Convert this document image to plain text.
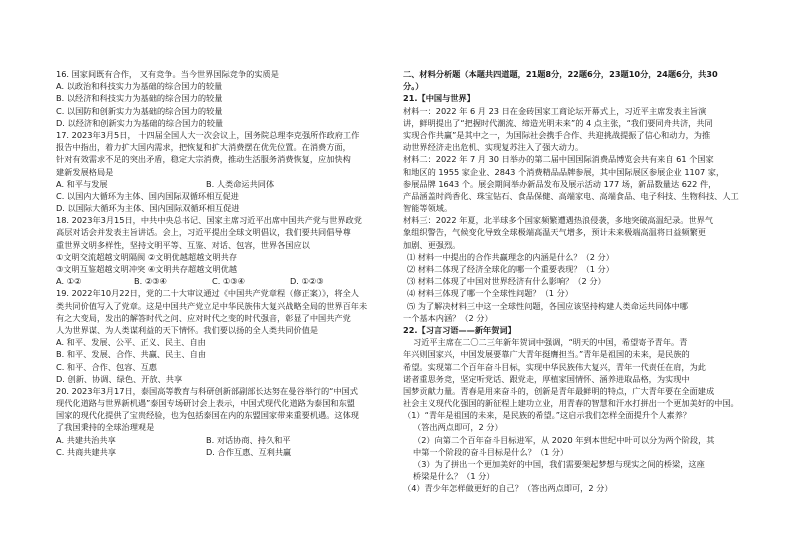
16. 国家间既有合作， 又有竞争。当今世界国际竞争的实质是
A. 以政治和科技实力为基础的综合国力的较量
B. 以经济和科技实力为基础的综合国力的较量
C. 以国防和创新实力为基础的综合国力的较量
D. 以经济和创新实力为基础的综合国力的较量
17. 2023年3月5日， 十四届全国人大一次会议上，国务院总理李克强所作政府工作
报告中指出，着力扩大国内需求，把恢复和扩大消费摆在优先位置。在消费方面，
针对有效需求不足的突出矛盾，稳定大宗消费，推动生活服务消费恢复，应加快构
建新发展格局是
A. 和平与发展	B. 人类命运共同体
C. 以国内大循环为主体、国内国际双循环相互促进
D. 以国际大循环为主体、国内国际双循环相互促进
18. 2023年3月15日，中共中央总书记、国家主席习近平出席中国共产党与世界政党
高层对话会并发表主旨讲话。会上，习近平提出全球文明倡议，我们要共同倡导尊
重世界文明多样性，坚持文明平等、互鉴、对话、包容，世界各国应以
①文明交流超越文明隔阂 ②文明优越超越文明共存
③文明互鉴超越文明冲突 ④文明共存超越文明优越
A. ①②	B. ②③④	C. ①③④	D. ①②③
19. 2022年10月22日，党的二十大审议通过《中国共产党章程（修正案）》，将全人
类共同价值写入了党章。这是中国共产党立足中华民族伟大复兴战略全局的世界百年未
有之大变局，发出的解答时代之问、应对时代之变的时代强音，彰显了中国共产党
人为世界谋、为人类谋利益的天下情怀。我们要以扬的全人类共同价值是
A. 和平、发展、公平、正义、民主、自由
B. 和平、发展、合作、共赢、民主、自由
C. 和平、合作、包容、互惠
D. 创新、协调、绿色、开放、共享
20. 2023年3月17日，泰国高等教育与科研创新部副部长达努在曼谷举行的“中国式
现代化道路与世界新机遇”泰国专场研讨会上表示，中国式现代化道路为泰国和东盟
国家的现代化提供了宝贵经验，也为包括泰国在内的东盟国家带来重要机遇。这体现
了我国秉持的全球治理观是
A. 共建共治共享	B. 对话协商、持久和平
C. 共商共建共享	D. 合作互惠、互利共赢
二、材料分析题（本题共四道题，21题8分，22题6分，23题10分，24题6分，共30
分。）
21.【中国与世界】
材料一：2022 年 6 月 23 日在金砖国家工商论坛开幕式上，习近平主席发表主旨演
讲，鲜明提出了“把握时代潮流、缔造光明未来”的 4 点主张，“我们要同舟共济，共同
实现合作共赢”是其中之一，为国际社会携手合作、共迎挑战提振了信心和动力，为推
动世界经济走出危机、实现复苏注入了强大动力。
材料二：2022 年 7 月 30 日举办的第二届中国国际消费品博览会共有来自 61 个国家
和地区的 1955 家企业、2843 个消费精品品牌参展，其中国际展区参展企业 1107 家，
参展品牌 1643 个。展会期间举办新品发布及展示活动 177 场，新品数量达 622 件，
产品涵盖时尚香化、珠宝钻石、食品保健、高端家电、高端食品、电子科技、生物科技、人工
智能等领域。
材料三：2022 年夏，北半球多个国家频繁遭遇热浪侵袭，多地突破高温纪录。世界气
象组织警告，气候变化导致全球极端高温天气增多，预计未来极端高温将日益频繁更
加剧、更强烈。
⑴ 材料一中提出的合作共赢理念的内涵是什么？（2 分）
⑵ 材料二体现了经济全球化的哪一个重要表现？（1 分）
⑶ 材料二体现了中国对世界经济有什么影响？（2 分）
⑷ 材料三体现了哪一个全球性问题？（1 分）
⑸ 为了解决材料三中这一全球性问题，各国应该坚持构建人类命运共同体中哪
一个基本内涵？（2 分）
22.【习言习语——新年贺词】
习近平主席在二〇二三年新年贺词中强调，“明天的中国，希望寄予青年。青
年兴则国家兴，中国发展要靠广大青年挺膺担当。”青年是祖国的未来，是民族的
希望。实现第二个百年奋斗目标，实现中华民族伟大复兴，青年一代责任在肩，为此
诺者重思务竞，坚定听党话、跟党走，厚植家国情怀、涵养进取品格，为实现中
国梦贡献力量。青春是用来奋斗的，创新是青年最鲜明的特点，广大青年要在全面建成
社会主义现代化强国的新征程上建功立业，用青春的智慧和汗水打拼出一个更加美好的中国。
（1）“青年是祖国的未来，是民族的希望。”这启示我们怎样全面提升个人素养？
（答出两点即可，2 分）
（2）向第二个百年奋斗目标进军，从 2020 年到本世纪中叶可以分为两个阶段，其
中第一个阶段的奋斗目标是什么？（1 分）
（3）为了拼出一个更加美好的中国，我们需要架起梦想与现实之间的桥梁，这座
桥梁是什么？（1 分）
（4）青少年怎样做更好的自己？（答出两点即可，2 分）
